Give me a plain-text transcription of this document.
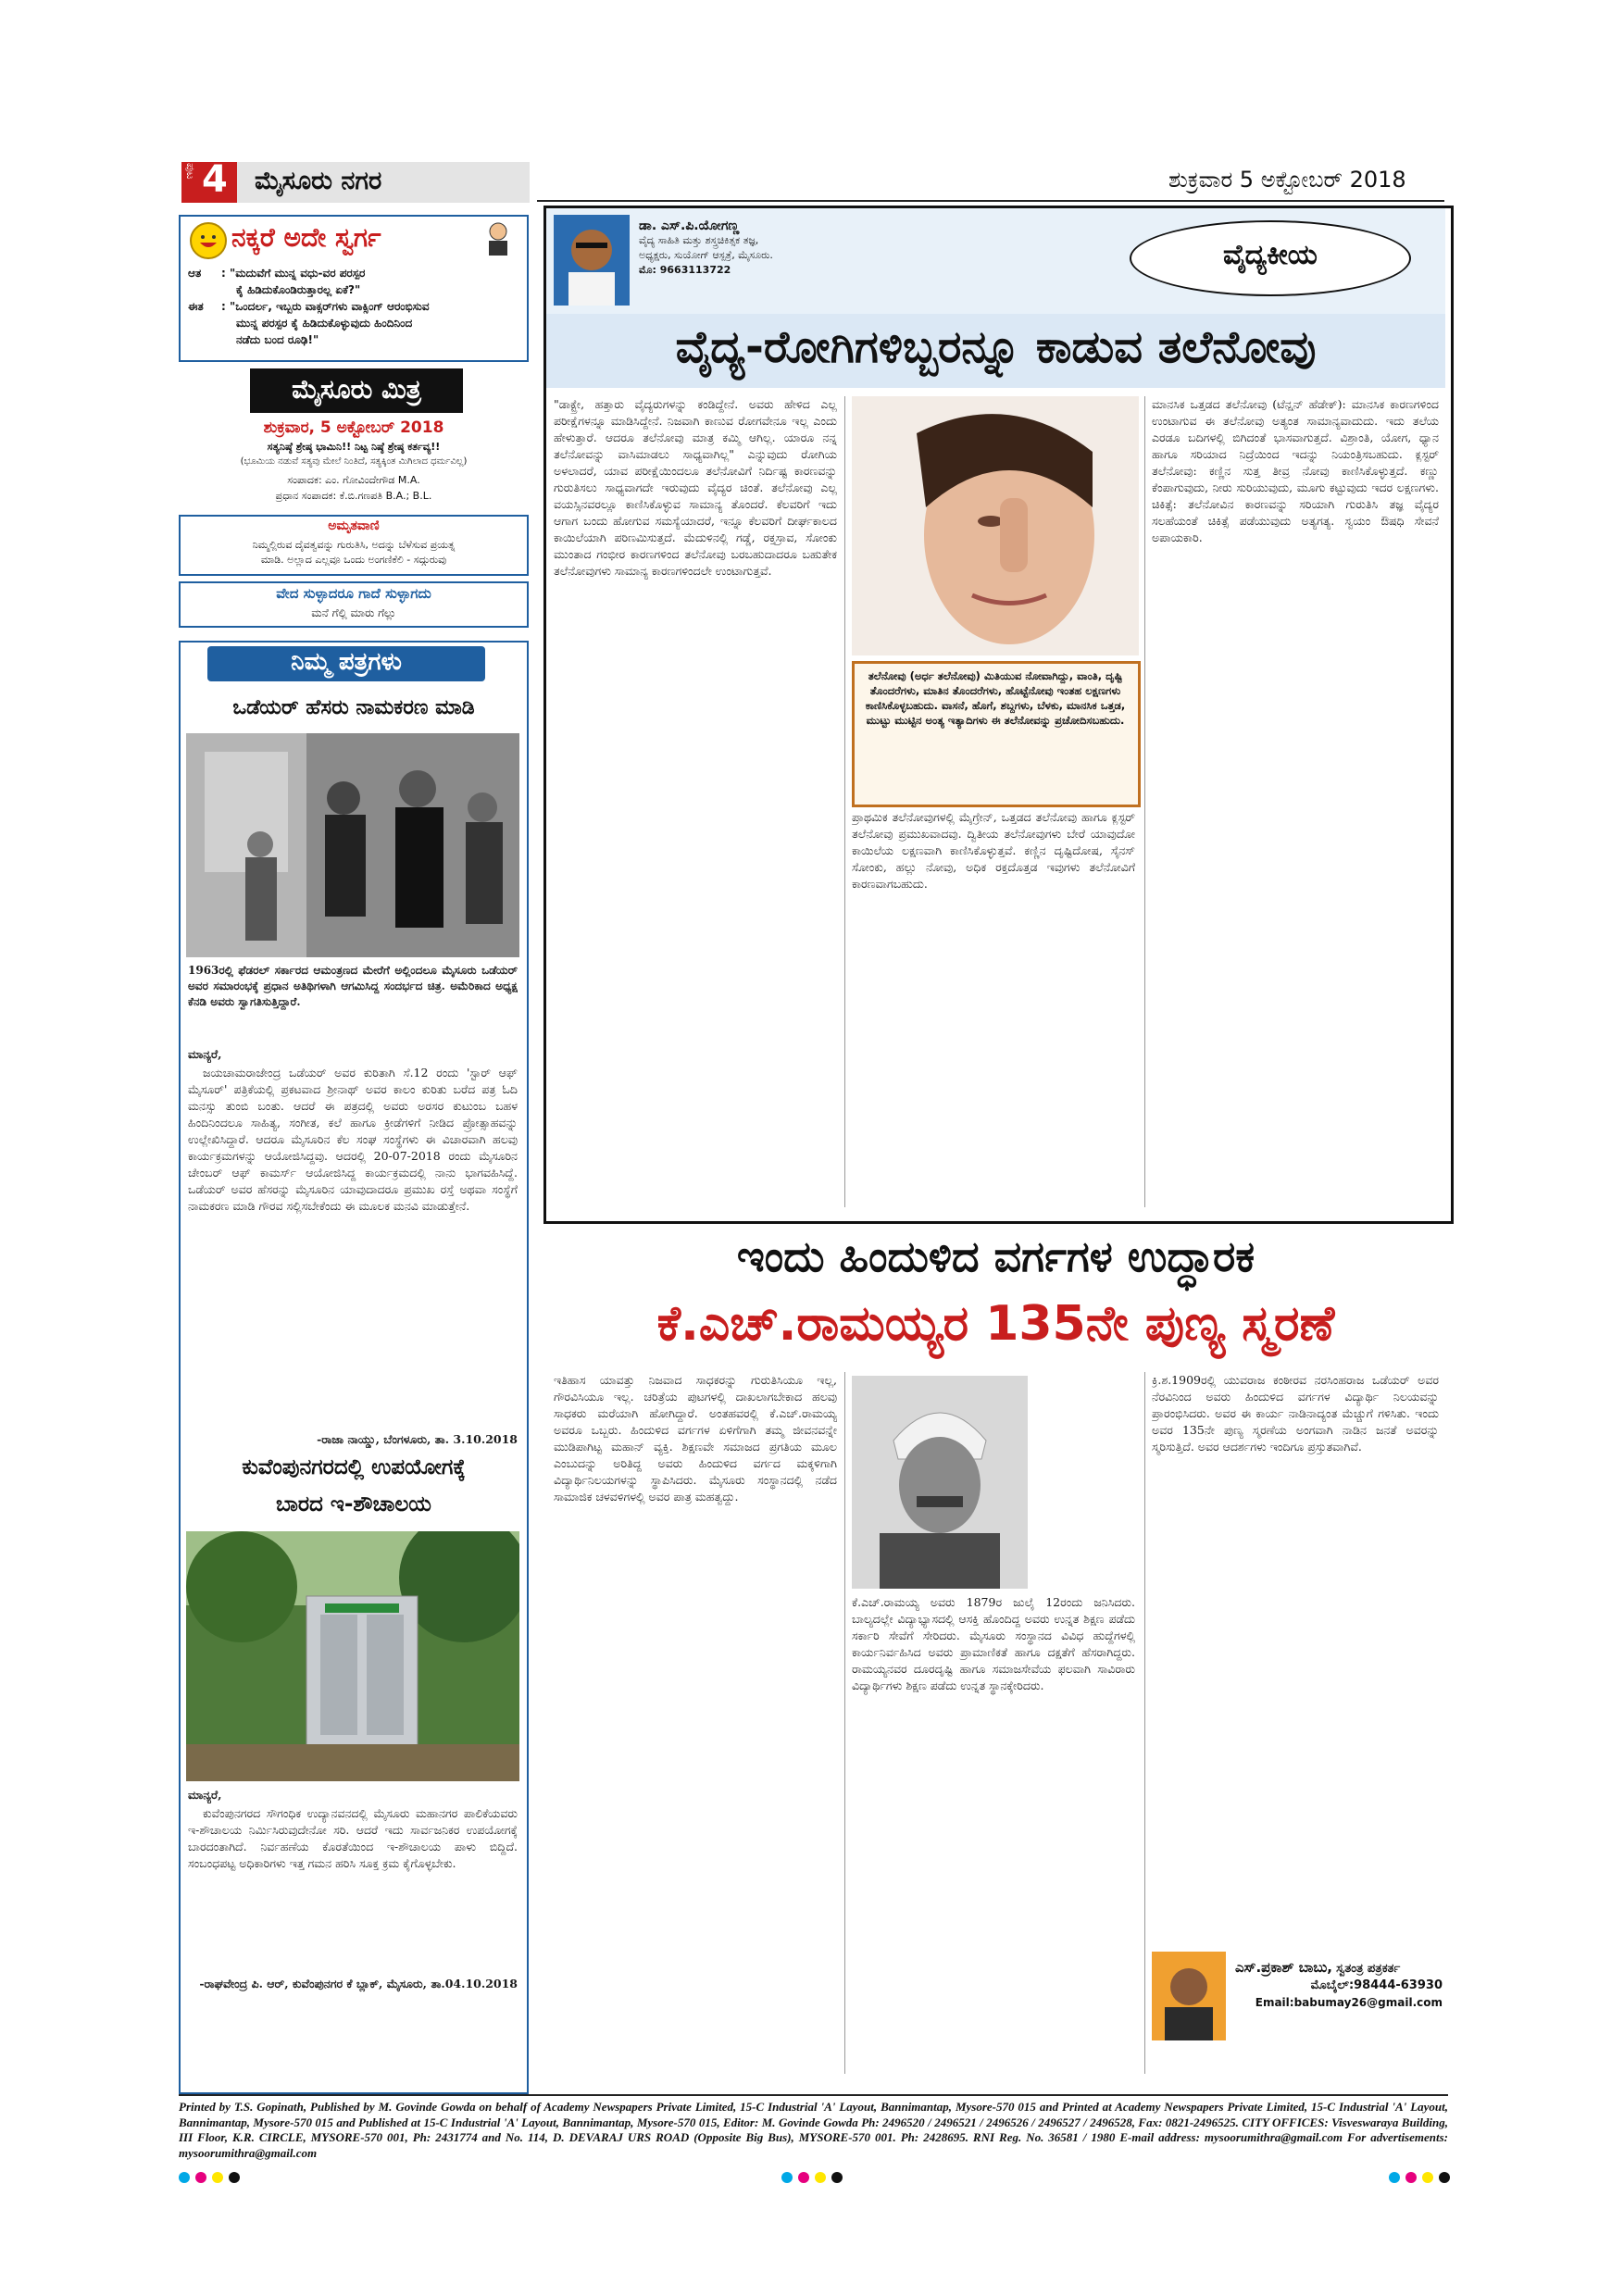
ಪುಟ 4 ಮೈಸೂರು ನಗರ	ಶುಕ್ರವಾರ 5 ಅಕ್ಟೋಬರ್ 2018
ನಕ್ಕರೆ ಅದೇ ಸ್ವರ್ಗ
ಆತ : "ಮದುವೆಗೆ ಮುನ್ನ ವಧು-ವರ ಪರಸ್ಪರ
ಕೈ ಹಿಡಿದುಕೊಂಡಿರುತ್ತಾರಲ್ಲ ಏಕೆ?"
ಈತ : "ಒಂದರ್ಲ, ಇಬ್ಬರು ವಾಕ್ಸರ್‌ಗಳು ವಾಕ್ಸಿಂಗ್ ಆರಂಭಿಸುವ
ಮುನ್ನ ಪರಸ್ಪರ ಕೈ ಹಿಡಿದುಕೊಳ್ಳುವುದು ಹಿಂದಿನಿಂದ
ನಡೆದು ಬಂದ ರೂಢಿ!"
ಮೈಸೂರು ಮಿತ್ರ
ಶುಕ್ರವಾರ, 5 ಅಕ್ಟೋಬರ್ 2018
ಸತ್ಯನಿಷ್ಠೆ ಶ್ರೇಷ್ಠ ಭಾಮಿನಿ!! ನಿಟ್ಟ ನಿಷ್ಠೆ ಶ್ರೇಷ್ಠ ಕರ್ತವ್ಯ!!
(ಭೂಮಿಯ ನಡುವೆ ಸತ್ಯವು ಮೇಲೆ ನಿಂತಿದೆ, ಸತ್ಯಕ್ಕಿಂತ ಮಿಗಿಲಾದ ಧರ್ಮವಿಲ್ಲ)
ಸಂಪಾದಕ: ಎಂ. ಗೋವಿಂದೇಗೌಡ M.A.
ಪ್ರಧಾನ ಸಂಪಾದಕ: ಕೆ.ಬಿ.ಗಣಪತಿ B.A.; B.L.
ಅಮೃತವಾಣಿ
ನಿಮ್ಮಲ್ಲಿರುವ ದೈವತ್ವವನ್ನು ಗುರುತಿಸಿ, ಅದನ್ನು ಬೆಳೆಸುವ ಪ್ರಯತ್ನ
ಮಾಡಿ. ಅಲ್ಲಾದ ಎಲ್ಲವೂ ಒಂದು ಅಂಗಣಿಕೆಲಿ - ಸದ್ಗುರುವು
ವೇದ ಸುಳ್ಳಾದರೂ ಗಾದೆ ಸುಳ್ಳಾಗದು
ಮನೆ ಗೆಲ್ಲಿ ಮಾರು ಗೆಲ್ಲು
ನಿಮ್ಮ ಪತ್ರಗಳು
ಒಡೆಯರ್ ಹೆಸರು ನಾಮಕರಣ ಮಾಡಿ
1963ರಲ್ಲಿ ಫೆಡರಲ್ ಸರ್ಕಾರದ ಆಮಂತ್ರಣದ ಮೇರೆಗೆ ಅಲ್ಲಿಂದಲೂ ಮೈಸೂರು ಒಡೆಯರ್ ಅವರ ಸಮಾರಂಭಕ್ಕೆ ಪ್ರಧಾನ ಅತಿಥಿಗಳಾಗಿ ಆಗಮಿಸಿದ್ದ ಸಂದರ್ಭದ ಚಿತ್ರ. ಅಮೆರಿಕಾದ ಅಧ್ಯಕ್ಷ ಕೆನಡಿ ಅವರು ಸ್ವಾಗತಿಸುತ್ತಿದ್ದಾರೆ.
ಮಾನ್ಯರೆ,
ಜಯಚಾಮರಾಜೇಂದ್ರ ಒಡೆಯರ್ ಅವರ ಕುರಿತಾಗಿ ಸೆ.12 ರಂದು 'ಸ್ಟಾರ್ ಆಫ್ ಮೈಸೂರ್' ಪತ್ರಿಕೆಯಲ್ಲಿ ಪ್ರಕಟವಾದ ಶ್ರೀನಾಥ್ ಅವರ ಕಾಲಂ ಕುರಿತು ಬರೆದ ಪತ್ರ ಓದಿ ಮನಸ್ಸು ತುಂಬಿ ಬಂತು. ಆದರೆ ಈ ಪತ್ರದಲ್ಲಿ ಅವರು ಅರಸರ ಕುಟುಂಬ ಬಹಳ ಹಿಂದಿನಿಂದಲೂ ಸಾಹಿತ್ಯ, ಸಂಗೀತ, ಕಲೆ ಹಾಗೂ ಕ್ರೀಡೆಗಳಿಗೆ ನೀಡಿದ ಪ್ರೋತ್ಸಾಹವನ್ನು ಉಲ್ಲೇಖಿಸಿದ್ದಾರೆ. ಆದರೂ ಮೈಸೂರಿನ ಕೆಲ ಸಂಘ ಸಂಸ್ಥೆಗಳು ಈ ವಿಚಾರವಾಗಿ ಹಲವು ಕಾರ್ಯಕ್ರಮಗಳನ್ನು ಆಯೋಜಿಸಿದ್ದವು. ಆದರಲ್ಲಿ 20-07-2018 ರಂದು ಮೈಸೂರಿನ ಚೇಂಬರ್ ಆಫ್ ಕಾಮರ್ಸ್ ಆಯೋಜಿಸಿದ್ದ ಕಾರ್ಯಕ್ರಮದಲ್ಲಿ ನಾನು ಭಾಗವಹಿಸಿದ್ದೆ. ಒಡೆಯರ್ ಅವರ ಹೆಸರನ್ನು ಮೈಸೂರಿನ ಯಾವುದಾದರೂ ಪ್ರಮುಖ ರಸ್ತೆ ಅಥವಾ ಸಂಸ್ಥೆಗೆ ನಾಮಕರಣ ಮಾಡಿ ಗೌರವ ಸಲ್ಲಿಸಬೇಕೆಂದು ಈ ಮೂಲಕ ಮನವಿ ಮಾಡುತ್ತೇನೆ.
-ರಾಜಾ ನಾಯ್ಡು, ಬೆಂಗಳೂರು, ತಾ. 3.10.2018
ಕುವೆಂಪುನಗರದಲ್ಲಿ ಉಪಯೋಗಕ್ಕೆ
ಬಾರದ ಇ-ಶೌಚಾಲಯ
ಮಾನ್ಯರೆ,
ಕುವೆಂಪುನಗರದ ಸೌಗಂಧಿಕ ಉದ್ಯಾನವನದಲ್ಲಿ ಮೈಸೂರು ಮಹಾನಗರ ಪಾಲಿಕೆಯವರು ಇ-ಶೌಚಾಲಯ ನಿರ್ಮಿಸಿರುವುದೇನೋ ಸರಿ. ಆದರೆ ಇದು ಸಾರ್ವಜನಿಕರ ಉಪಯೋಗಕ್ಕೆ ಬಾರದಂತಾಗಿದೆ. ನಿರ್ವಹಣೆಯ ಕೊರತೆಯಿಂದ ಇ-ಶೌಚಾಲಯ ಪಾಳು ಬಿದ್ದಿದೆ. ಸಂಬಂಧಪಟ್ಟ ಅಧಿಕಾರಿಗಳು ಇತ್ತ ಗಮನ ಹರಿಸಿ ಸೂಕ್ತ ಕ್ರಮ ಕೈಗೊಳ್ಳಬೇಕು.
-ರಾಘವೇಂದ್ರ ಪಿ. ಆರ್, ಕುವೆಂಪುನಗರ ಕೆ ಬ್ಲಾಕ್, ಮೈಸೂರು, ತಾ.04.10.2018
ಡಾ. ಎಸ್.ಪಿ.ಯೋಗಣ್ಣ
ವೈದ್ಯ ಸಾಹಿತಿ ಮತ್ತು ಶಸ್ತ್ರಚಿಕಿತ್ಸಕ ತಜ್ಞ,
ಅಧ್ಯಕ್ಷರು, ಸುಯೋಗ್ ಆಸ್ಪತ್ರೆ, ಮೈಸೂರು.
ಮೊ: 9663113722	ವೈದ್ಯಕೀಯ
ವೈದ್ಯ-ರೋಗಿಗಳಿಬ್ಬರನ್ನೂ ಕಾಡುವ ತಲೆನೋವು
"ಡಾಕ್ಟ್ರೇ, ಹತ್ತಾರು ವೈದ್ಯರುಗಳನ್ನು ಕಂಡಿದ್ದೇನೆ. ಅವರು ಹೇಳಿದ ಎಲ್ಲ ಪರೀಕ್ಷೆಗಳನ್ನೂ ಮಾಡಿಸಿದ್ದೇನೆ. ನಿಜವಾಗಿ ಕಾಣುವ ರೋಗವೇನೂ ಇಲ್ಲ ಎಂದು ಹೇಳುತ್ತಾರೆ. ಆದರೂ ತಲೆನೋವು ಮಾತ್ರ ಕಮ್ಮಿ ಆಗಿಲ್ಲ. ಯಾರೂ ನನ್ನ ತಲೆನೋವನ್ನು ವಾಸಿಮಾಡಲು ಸಾಧ್ಯವಾಗಿಲ್ಲ" ಎನ್ನುವುದು ರೋಗಿಯ ಅಳಲಾದರೆ, ಯಾವ ಪರೀಕ್ಷೆಯಿಂದಲೂ ತಲೆನೋವಿಗೆ ನಿರ್ದಿಷ್ಟ ಕಾರಣವನ್ನು ಗುರುತಿಸಲು ಸಾಧ್ಯವಾಗದೇ ಇರುವುದು ವೈದ್ಯರ ಚಿಂತೆ. ತಲೆನೋವು ಎಲ್ಲ ವಯಸ್ಸಿನವರಲ್ಲೂ ಕಾಣಿಸಿಕೊಳ್ಳುವ ಸಾಮಾನ್ಯ ತೊಂದರೆ. ಕೆಲವರಿಗೆ ಇದು ಆಗಾಗ ಬಂದು ಹೋಗುವ ಸಮಸ್ಯೆಯಾದರೆ, ಇನ್ನೂ ಕೆಲವರಿಗೆ ದೀರ್ಘಕಾಲದ ಕಾಯಿಲೆಯಾಗಿ ಪರಿಣಮಿಸುತ್ತದೆ. ಮೆದುಳಿನಲ್ಲಿ ಗಡ್ಡೆ, ರಕ್ತಸ್ರಾವ, ಸೋಂಕು ಮುಂತಾದ ಗಂಭೀರ ಕಾರಣಗಳಿಂದ ತಲೆನೋವು ಬರಬಹುದಾದರೂ ಬಹುತೇಕ ತಲೆನೋವುಗಳು ಸಾಮಾನ್ಯ ಕಾರಣಗಳಿಂದಲೇ ಉಂಟಾಗುತ್ತವೆ.
ತಲೆನೋವು (ಅರ್ಧ ತಲೆನೋವು) ಮಿತಿಯುವ ನೋವಾಗಿದ್ದು, ವಾಂತಿ, ದೃಷ್ಟಿ ತೊಂದರೆಗಳು, ಮಾತಿನ ತೊಂದರೆಗಳು, ಹೊಟ್ಟೆನೋವು ಇಂತಹ ಲಕ್ಷಣಗಳು ಕಾಣಿಸಿಕೊಳ್ಳಬಹುದು. ವಾಸನೆ, ಹೊಗೆ, ಶಬ್ದಗಳು, ಬೆಳಕು, ಮಾನಸಿಕ ಒತ್ತಡ, ಮುಟ್ಟು ಮುಟ್ಟಿನ ಅಂತ್ಯ ಇತ್ಯಾದಿಗಳು ಈ ತಲೆನೋವನ್ನು ಪ್ರಚೋದಿಸಬಹುದು.
ಪ್ರಾಥಮಿಕ ತಲೆನೋವುಗಳಲ್ಲಿ ಮೈಗ್ರೇನ್, ಒತ್ತಡದ ತಲೆನೋವು ಹಾಗೂ ಕ್ಲಸ್ಟರ್ ತಲೆನೋವು ಪ್ರಮುಖವಾದವು. ದ್ವಿತೀಯ ತಲೆನೋವುಗಳು ಬೇರೆ ಯಾವುದೋ ಕಾಯಿಲೆಯ ಲಕ್ಷಣವಾಗಿ ಕಾಣಿಸಿಕೊಳ್ಳುತ್ತವೆ. ಕಣ್ಣಿನ ದೃಷ್ಟಿದೋಷ, ಸೈನಸ್ ಸೋಂಕು, ಹಲ್ಲು ನೋವು, ಅಧಿಕ ರಕ್ತದೊತ್ತಡ ಇವುಗಳು ತಲೆನೋವಿಗೆ ಕಾರಣವಾಗಬಹುದು.
ಮಾನಸಿಕ ಒತ್ತಡದ ತಲೆನೋವು (ಟೆನ್ಷನ್ ಹೆಡೇಕ್): ಮಾನಸಿಕ ಕಾರಣಗಳಿಂದ ಉಂಟಾಗುವ ಈ ತಲೆನೋವು ಅತ್ಯಂತ ಸಾಮಾನ್ಯವಾದುದು. ಇದು ತಲೆಯ ಎರಡೂ ಬದಿಗಳಲ್ಲಿ ಬಿಗಿದಂತೆ ಭಾಸವಾಗುತ್ತದೆ. ವಿಶ್ರಾಂತಿ, ಯೋಗ, ಧ್ಯಾನ ಹಾಗೂ ಸರಿಯಾದ ನಿದ್ರೆಯಿಂದ ಇದನ್ನು ನಿಯಂತ್ರಿಸಬಹುದು. ಕ್ಲಸ್ಟರ್ ತಲೆನೋವು: ಕಣ್ಣಿನ ಸುತ್ತ ತೀವ್ರ ನೋವು ಕಾಣಿಸಿಕೊಳ್ಳುತ್ತದೆ. ಕಣ್ಣು ಕೆಂಪಾಗುವುದು, ನೀರು ಸುರಿಯುವುದು, ಮೂಗು ಕಟ್ಟುವುದು ಇದರ ಲಕ್ಷಣಗಳು. ಚಿಕಿತ್ಸೆ: ತಲೆನೋವಿನ ಕಾರಣವನ್ನು ಸರಿಯಾಗಿ ಗುರುತಿಸಿ ತಜ್ಞ ವೈದ್ಯರ ಸಲಹೆಯಂತೆ ಚಿಕಿತ್ಸೆ ಪಡೆಯುವುದು ಅತ್ಯಗತ್ಯ. ಸ್ವಯಂ ಔಷಧಿ ಸೇವನೆ ಅಪಾಯಕಾರಿ.
ಇಂದು ಹಿಂದುಳಿದ ವರ್ಗಗಳ ಉದ್ಧಾರಕ
ಕೆ.ಎಚ್.ರಾಮಯ್ಯರ 135ನೇ ಪುಣ್ಯ ಸ್ಮರಣೆ
ಇತಿಹಾಸ ಯಾವತ್ತು ನಿಜವಾದ ಸಾಧಕರನ್ನು ಗುರುತಿಸಿಯೂ ಇಲ್ಲ, ಗೌರವಿಸಿಯೂ ಇಲ್ಲ. ಚರಿತ್ರೆಯ ಪುಟಗಳಲ್ಲಿ ದಾಖಲಾಗಬೇಕಾದ ಹಲವು ಸಾಧಕರು ಮರೆಯಾಗಿ ಹೋಗಿದ್ದಾರೆ. ಅಂತಹವರಲ್ಲಿ ಕೆ.ಎಚ್.ರಾಮಯ್ಯ ಅವರೂ ಒಬ್ಬರು. ಹಿಂದುಳಿದ ವರ್ಗಗಳ ಏಳಿಗೆಗಾಗಿ ತಮ್ಮ ಜೀವನವನ್ನೇ ಮುಡಿಪಾಗಿಟ್ಟ ಮಹಾನ್ ವ್ಯಕ್ತಿ. ಶಿಕ್ಷಣವೇ ಸಮಾಜದ ಪ್ರಗತಿಯ ಮೂಲ ಎಂಬುದನ್ನು ಅರಿತಿದ್ದ ಅವರು ಹಿಂದುಳಿದ ವರ್ಗದ ಮಕ್ಕಳಿಗಾಗಿ ವಿದ್ಯಾರ್ಥಿನಿಲಯಗಳನ್ನು ಸ್ಥಾಪಿಸಿದರು. ಮೈಸೂರು ಸಂಸ್ಥಾನದಲ್ಲಿ ನಡೆದ ಸಾಮಾಜಿಕ ಚಳವಳಿಗಳಲ್ಲಿ ಅವರ ಪಾತ್ರ ಮಹತ್ವದ್ದು.
ಕೆ.ಎಚ್.ರಾಮಯ್ಯ ಅವರು 1879ರ ಜುಲೈ 12ರಂದು ಜನಿಸಿದರು. ಬಾಲ್ಯದಲ್ಲೇ ವಿದ್ಯಾಭ್ಯಾಸದಲ್ಲಿ ಆಸಕ್ತಿ ಹೊಂದಿದ್ದ ಅವರು ಉನ್ನತ ಶಿಕ್ಷಣ ಪಡೆದು ಸರ್ಕಾರಿ ಸೇವೆಗೆ ಸೇರಿದರು. ಮೈಸೂರು ಸಂಸ್ಥಾನದ ವಿವಿಧ ಹುದ್ದೆಗಳಲ್ಲಿ ಕಾರ್ಯನಿರ್ವಹಿಸಿದ ಅವರು ಪ್ರಾಮಾಣಿಕತೆ ಹಾಗೂ ದಕ್ಷತೆಗೆ ಹೆಸರಾಗಿದ್ದರು. ರಾಮಯ್ಯನವರ ದೂರದೃಷ್ಟಿ ಹಾಗೂ ಸಮಾಜಸೇವೆಯ ಫಲವಾಗಿ ಸಾವಿರಾರು ವಿದ್ಯಾರ್ಥಿಗಳು ಶಿಕ್ಷಣ ಪಡೆದು ಉನ್ನತ ಸ್ಥಾನಕ್ಕೇರಿದರು.
ಕ್ರಿ.ಶ.1909ರಲ್ಲಿ ಯುವರಾಜ ಕಂಠೀರವ ನರಸಿಂಹರಾಜ ಒಡೆಯರ್ ಅವರ ನೆರವಿನಿಂದ ಅವರು ಹಿಂದುಳಿದ ವರ್ಗಗಳ ವಿದ್ಯಾರ್ಥಿ ನಿಲಯವನ್ನು ಪ್ರಾರಂಭಿಸಿದರು. ಅವರ ಈ ಕಾರ್ಯ ನಾಡಿನಾದ್ಯಂತ ಮೆಚ್ಚುಗೆ ಗಳಿಸಿತು. ಇಂದು ಅವರ 135ನೇ ಪುಣ್ಯ ಸ್ಮರಣೆಯ ಅಂಗವಾಗಿ ನಾಡಿನ ಜನತೆ ಅವರನ್ನು ಸ್ಮರಿಸುತ್ತಿದೆ. ಅವರ ಆದರ್ಶಗಳು ಇಂದಿಗೂ ಪ್ರಸ್ತುತವಾಗಿವೆ.
ಎಸ್.ಪ್ರಕಾಶ್ ಬಾಬು, ಸ್ವತಂತ್ರ ಪತ್ರಕರ್ತ
ಮೊಬೈಲ್:98444-63930
Email:babumay26@gmail.com
Printed by T.S. Gopinath, Published by M. Govinde Gowda on behalf of Academy Newspapers Private Limited, 15-C Industrial 'A' Layout, Bannimantap, Mysore-570 015 and Printed at Academy Newspapers Private Limited, 15-C Industrial 'A' Layout, Bannimantap, Mysore-570 015 and Published at 15-C Industrial 'A' Layout, Bannimantap, Mysore-570 015, Editor: M. Govinde Gowda Ph: 2496520 / 2496521 / 2496526 / 2496527 / 2496528, Fax: 0821-2496525. CITY OFFICES: Visveswaraya Building, III Floor, K.R. CIRCLE, MYSORE-570 001, Ph: 2431774 and No. 114, D. DEVARAJ URS ROAD (Opposite Big Bus), MYSORE-570 001. Ph: 2428695. RNI Reg. No. 36581 / 1980 E-mail address: mysoorumithra@gmail.com For advertisements: mysoorumithra@gmail.com
